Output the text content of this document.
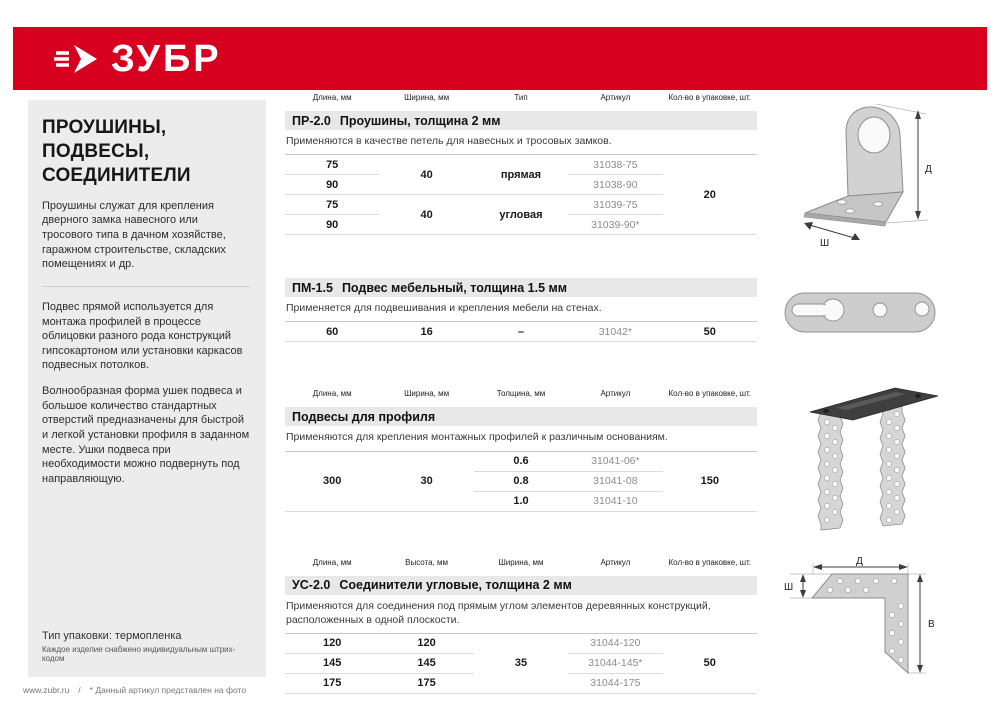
ЗУБР
ПРОУШИНЫ,
ПОДВЕСЫ,
СОЕДИНИТЕЛИ

Проушины служат для крепления дверного замка навесного или тросового типа в дачном хозяйстве, гаражном строительстве, складских помещениях и др.

Подвес прямой используется для монтажа профилей в процессе облицовки разного рода конструкций гипсокартоном или установки каркасов подвесных потолков.

Волнообразная форма ушек подвеса и большое количество стандартных отверстий предназначены для быстрой и легкой установки профиля в заданном месте. Ушки подвеса при необходимости можно подвернуть под направляющую.

Тип упаковки: термопленка
Каждое изделие снабжено индивидуальным штрих-кодом
Длина, мм	Ширина, мм	Тип	Артикул	Кол-во в упаковке, шт.
ПР-2.0 Проушины, толщина 2 мм
Применяются в качестве петель для навесных и тросовых замков.
75	40	прямая	31038-75	20
90			31038-90	
75	40	угловая	31039-75	
90			31039-90*	
ПМ-1.5 Подвес мебельный, толщина 1.5 мм
Применяется для подвешивания и крепления мебели на стенах.
60	16	–	31042*	50
Длина, мм	Ширина, мм	Толщина, мм	Артикул	Кол-во в упаковке, шт.
Подвесы для профиля
Применяются для крепления монтажных профилей к различным основаниям.
300	30	0.6	31041-06*	150
		0.8	31041-08	
		1.0	31041-10	
Длина, мм	Высота, мм	Ширина, мм	Артикул	Кол-во в упаковке, шт.
УС-2.0 Соединители угловые, толщина 2 мм
Применяются для соединения под прямым углом элементов деревянных конструкций, расположенных в одной плоскости.
120	120	35	31044-120	50
145	145		31044-145*	
175	175		31044-175	
Д
Ш
Д
Ш
В
www.zubr.ru / * Данный артикул представлен на фото
